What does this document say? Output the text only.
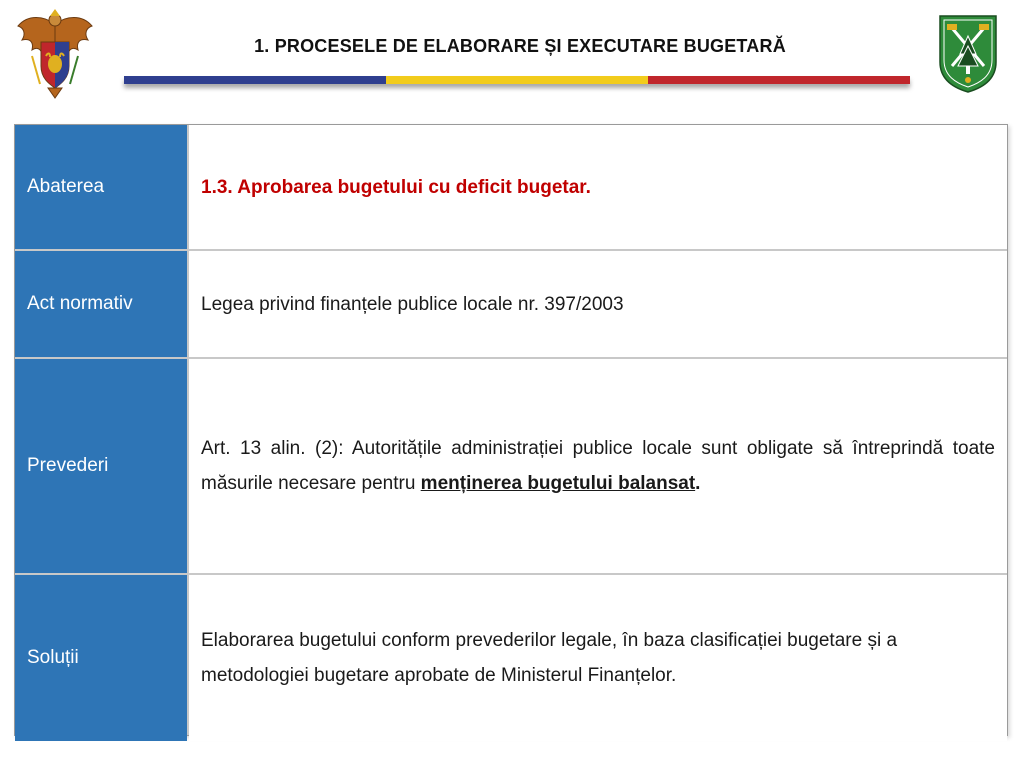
1. PROCESELE DE ELABORARE ȘI EXECUTARE BUGETARĂ
Abaterea	1.3. Aprobarea bugetului cu deficit bugetar.
Act normativ	Legea privind finanțele publice locale nr. 397/2003
Prevederi

Art. 13 alin. (2): Autoritățile administrației publice locale sunt obligate să întreprindă toate măsurile necesare pentru menținerea bugetului balansat.

Soluții

Elaborarea bugetului conform prevederilor legale, în baza clasificației bugetare și a metodologiei bugetare aprobate de Ministerul Finanțelor.
